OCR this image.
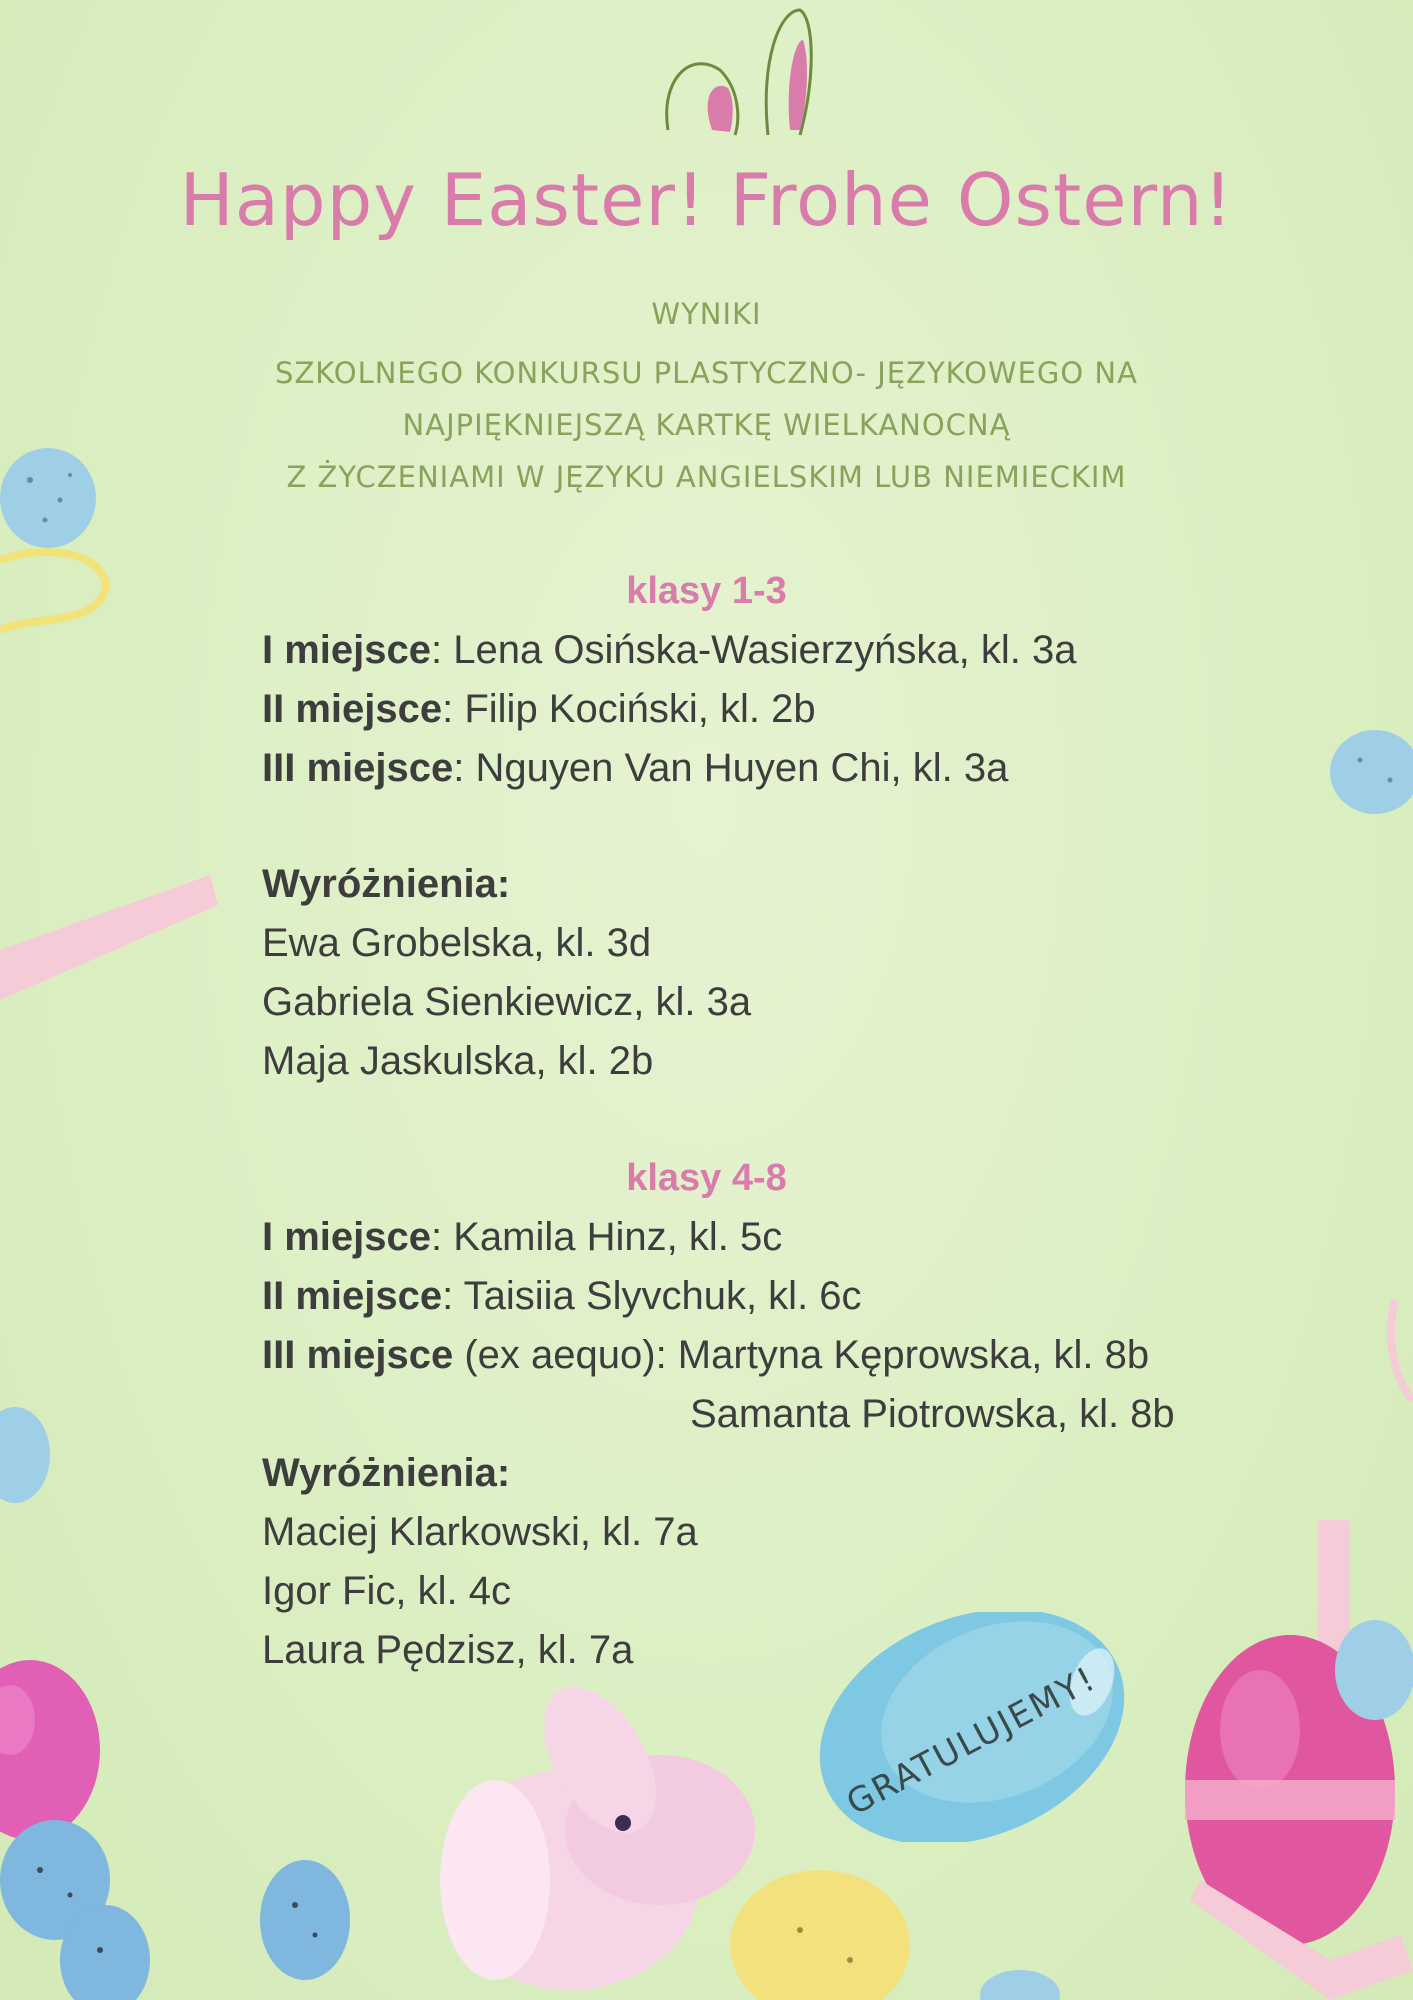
Happy Easter! Frohe Ostern!
WYNIKI
SZKOLNEGO KONKURSU PLASTYCZNO- JĘZYKOWEGO NA
NAJPIĘKNIEJSZĄ KARTKĘ WIELKANOCNĄ
Z ŻYCZENIAMI W JĘZYKU ANGIELSKIM LUB NIEMIECKIM
klasy 1-3
I miejsce: Lena Osińska-Wasierzyńska, kl. 3a
II miejsce: Filip Kociński, kl. 2b
III miejsce: Nguyen Van Huyen Chi, kl. 3a
Wyróżnienia:
Ewa Grobelska, kl. 3d
Gabriela Sienkiewicz, kl. 3a
Maja Jaskulska, kl. 2b
klasy 4-8
I miejsce: Kamila Hinz, kl. 5c
II miejsce: Taisiia Slyvchuk, kl. 6c
III miejsce (ex aequo): Martyna Kęprowska, kl. 8b
Samanta Piotrowska, kl. 8b
Wyróżnienia:
Maciej Klarkowski, kl. 7a
Igor Fic, kl. 4c
Laura Pędzisz, kl. 7a
GRATULUJEMY!
